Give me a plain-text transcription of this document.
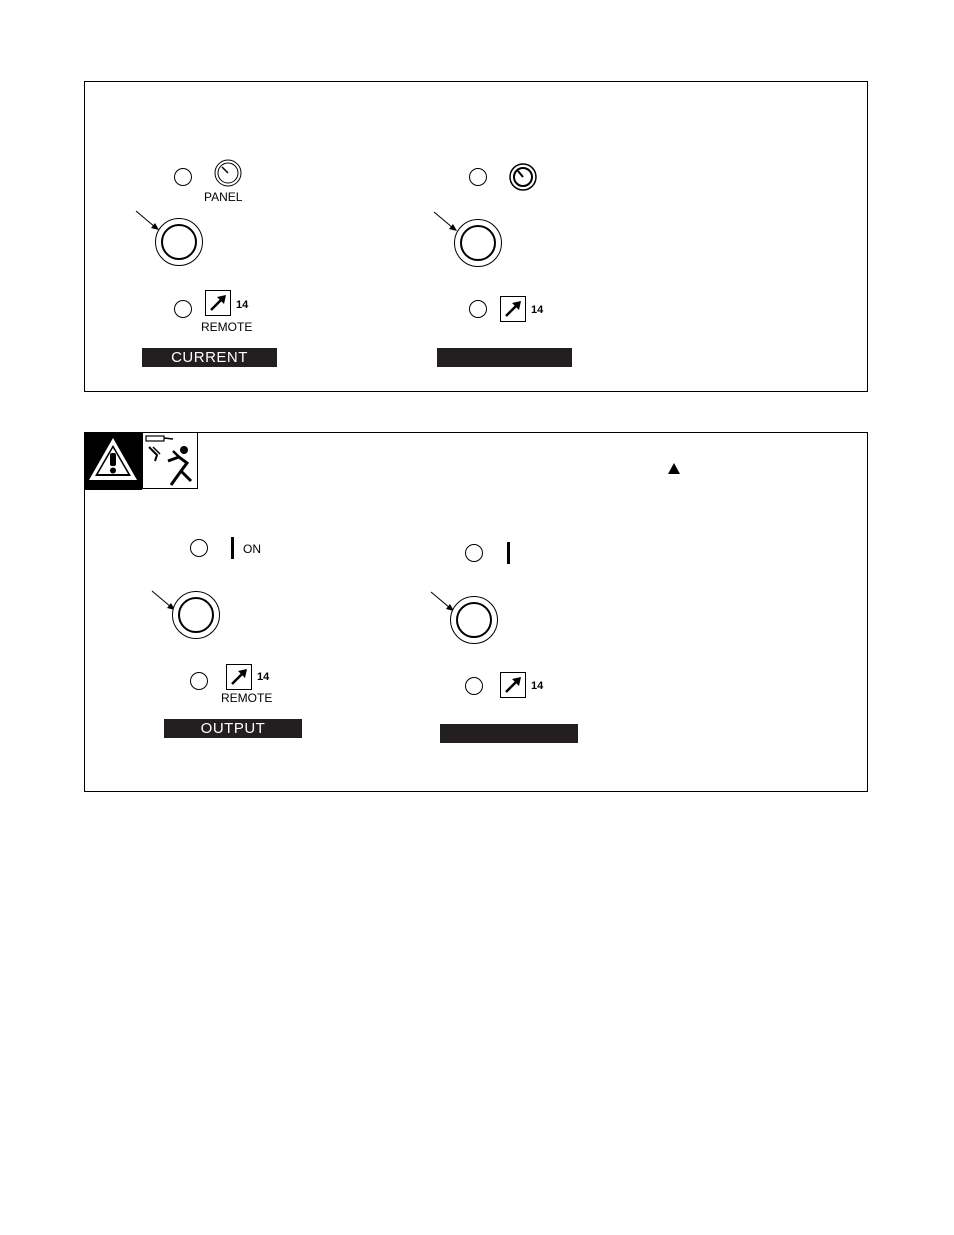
PANEL
14
REMOTE
CURRENT
14
ON
14
REMOTE
OUTPUT
14
